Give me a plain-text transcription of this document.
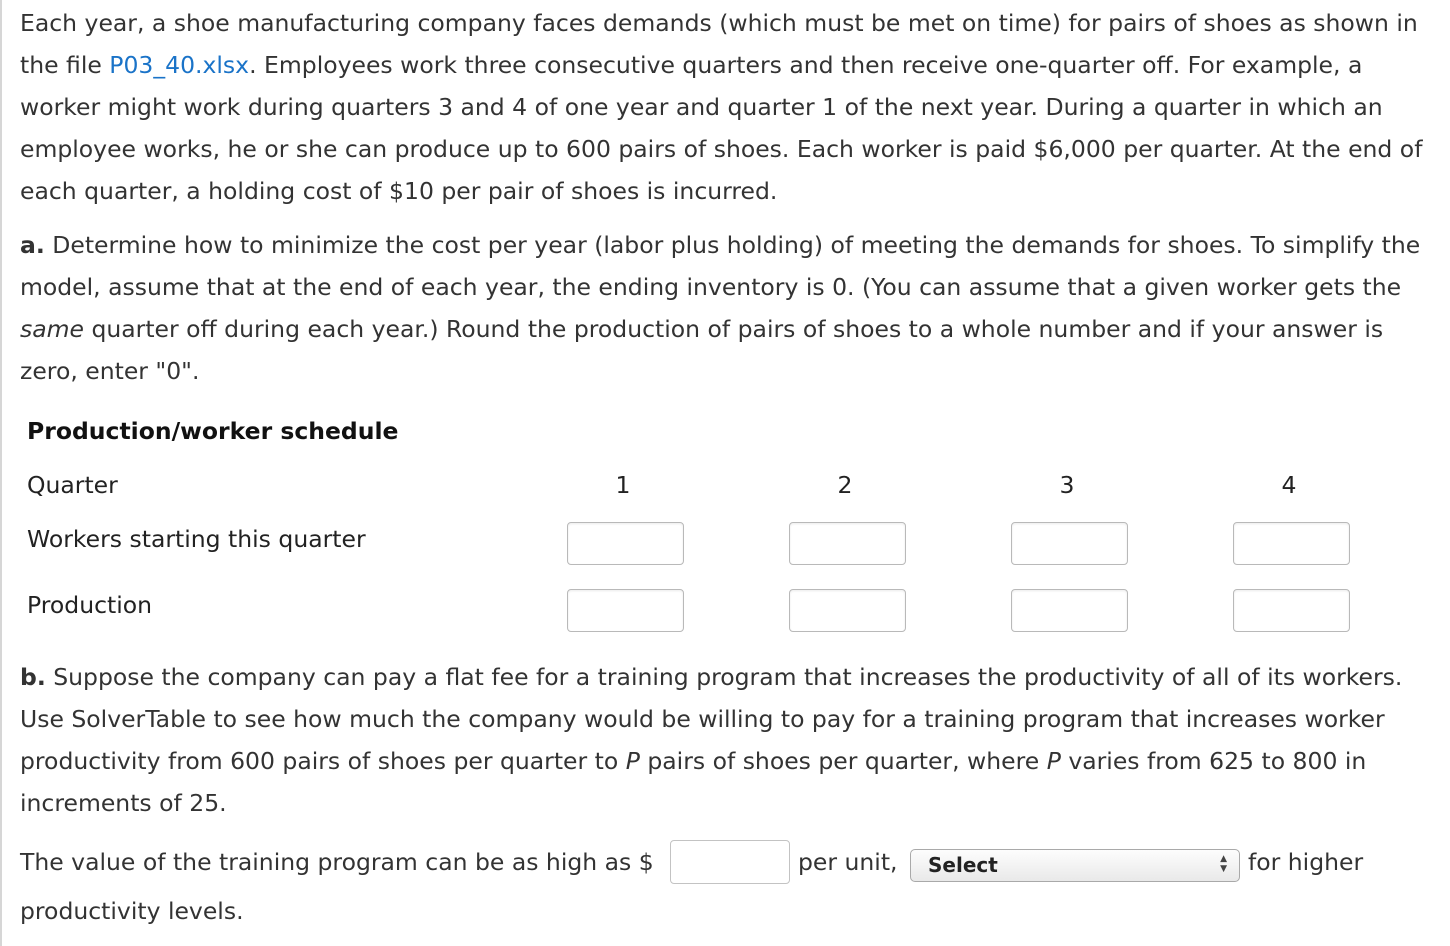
Each year, a shoe manufacturing company faces demands (which must be met on time) for pairs of shoes as shown in the file P03_40.xlsx. Employees work three consecutive quarters and then receive one-quarter off. For example, a worker might work during quarters 3 and 4 of one year and quarter 1 of the next year. During a quarter in which an employee works, he or she can produce up to 600 pairs of shoes. Each worker is paid $6,000 per quarter. At the end of each quarter, a holding cost of $10 per pair of shoes is incurred.

a. Determine how to minimize the cost per year (labor plus holding) of meeting the demands for shoes. To simplify the model, assume that at the end of each year, the ending inventory is 0. (You can assume that a given worker gets the same quarter off during each year.) Round the production of pairs of shoes to a whole number and if your answer is zero, enter "0".

Production/worker schedule
Quarter	1	2	3	4
Workers starting this quarter
Production

b. Suppose the company can pay a flat fee for a training program that increases the productivity of all of its workers. Use SolverTable to see how much the company would be willing to pay for a training program that increases worker productivity from 600 pairs of shoes per quarter to P pairs of shoes per quarter, where P varies from 625 to 800 in increments of 25.

The value of the training program can be as high as $	per unit,	for higher
Select	▲
▼
productivity levels.
